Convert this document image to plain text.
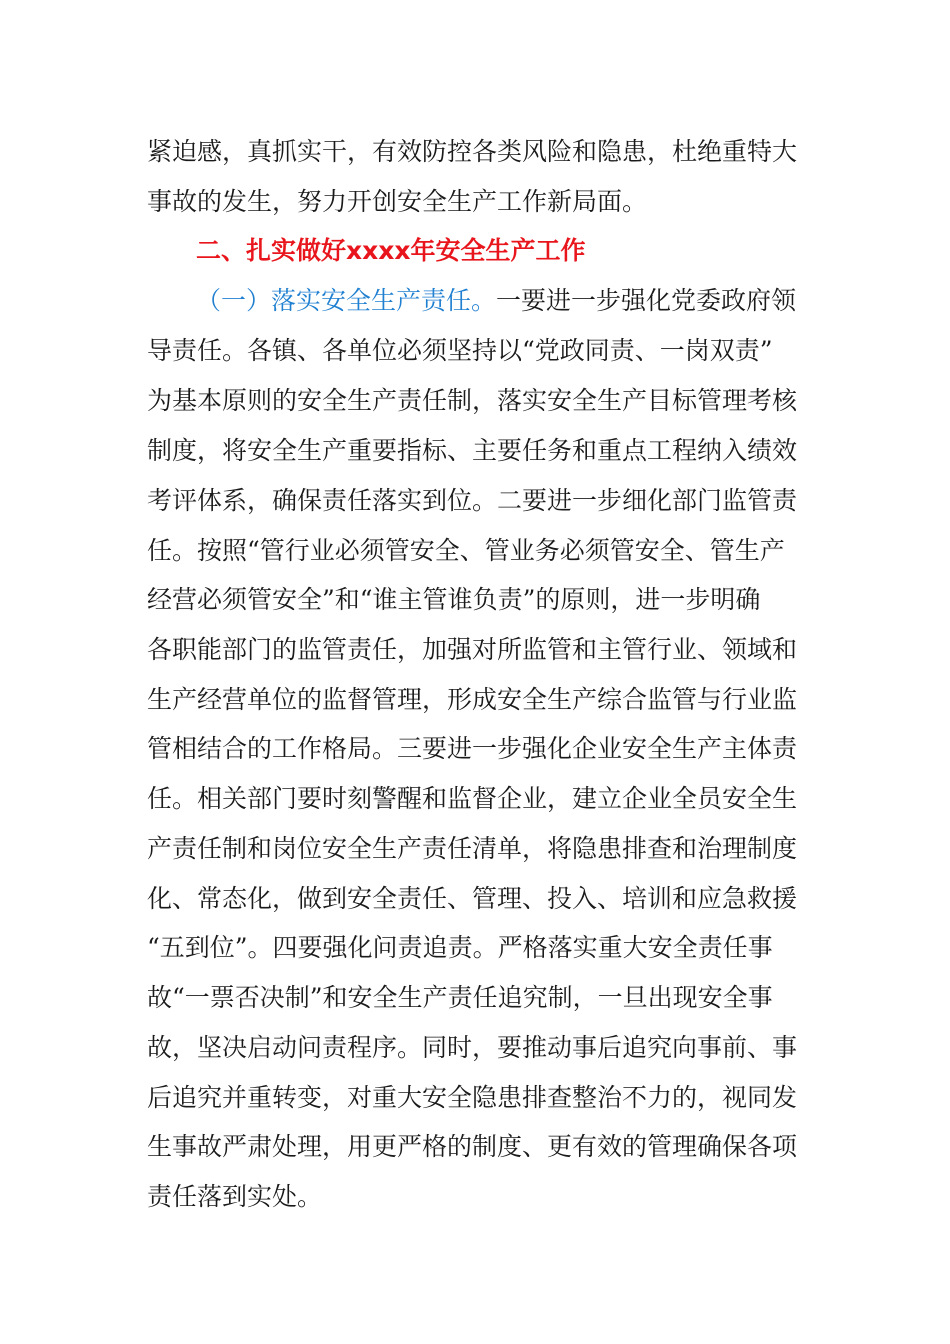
紧迫感，真抓实干，有效防控各类风险和隐患，杜绝重特大
事故的发生，努力开创安全生产工作新局面。
二、扎实做好xxxx年安全生产工作
（一）落实安全生产责任。一要进一步强化党委政府领
导责任。各镇、各单位必须坚持以“党政同责、一岗双责”
为基本原则的安全生产责任制，落实安全生产目标管理考核
制度，将安全生产重要指标、主要任务和重点工程纳入绩效
考评体系，确保责任落实到位。二要进一步细化部门监管责
任。按照“管行业必须管安全、管业务必须管安全、管生产
经营必须管安全”和“谁主管谁负责”的原则，进一步明确
各职能部门的监管责任，加强对所监管和主管行业、领域和
生产经营单位的监督管理，形成安全生产综合监管与行业监
管相结合的工作格局。三要进一步强化企业安全生产主体责
任。相关部门要时刻警醒和监督企业，建立企业全员安全生
产责任制和岗位安全生产责任清单，将隐患排查和治理制度
化、常态化，做到安全责任、管理、投入、培训和应急救援
“五到位”。四要强化问责追责。严格落实重大安全责任事
故“一票否决制”和安全生产责任追究制，一旦出现安全事
故，坚决启动问责程序。同时，要推动事后追究向事前、事
后追究并重转变，对重大安全隐患排查整治不力的，视同发
生事故严肃处理，用更严格的制度、更有效的管理确保各项
责任落到实处。
